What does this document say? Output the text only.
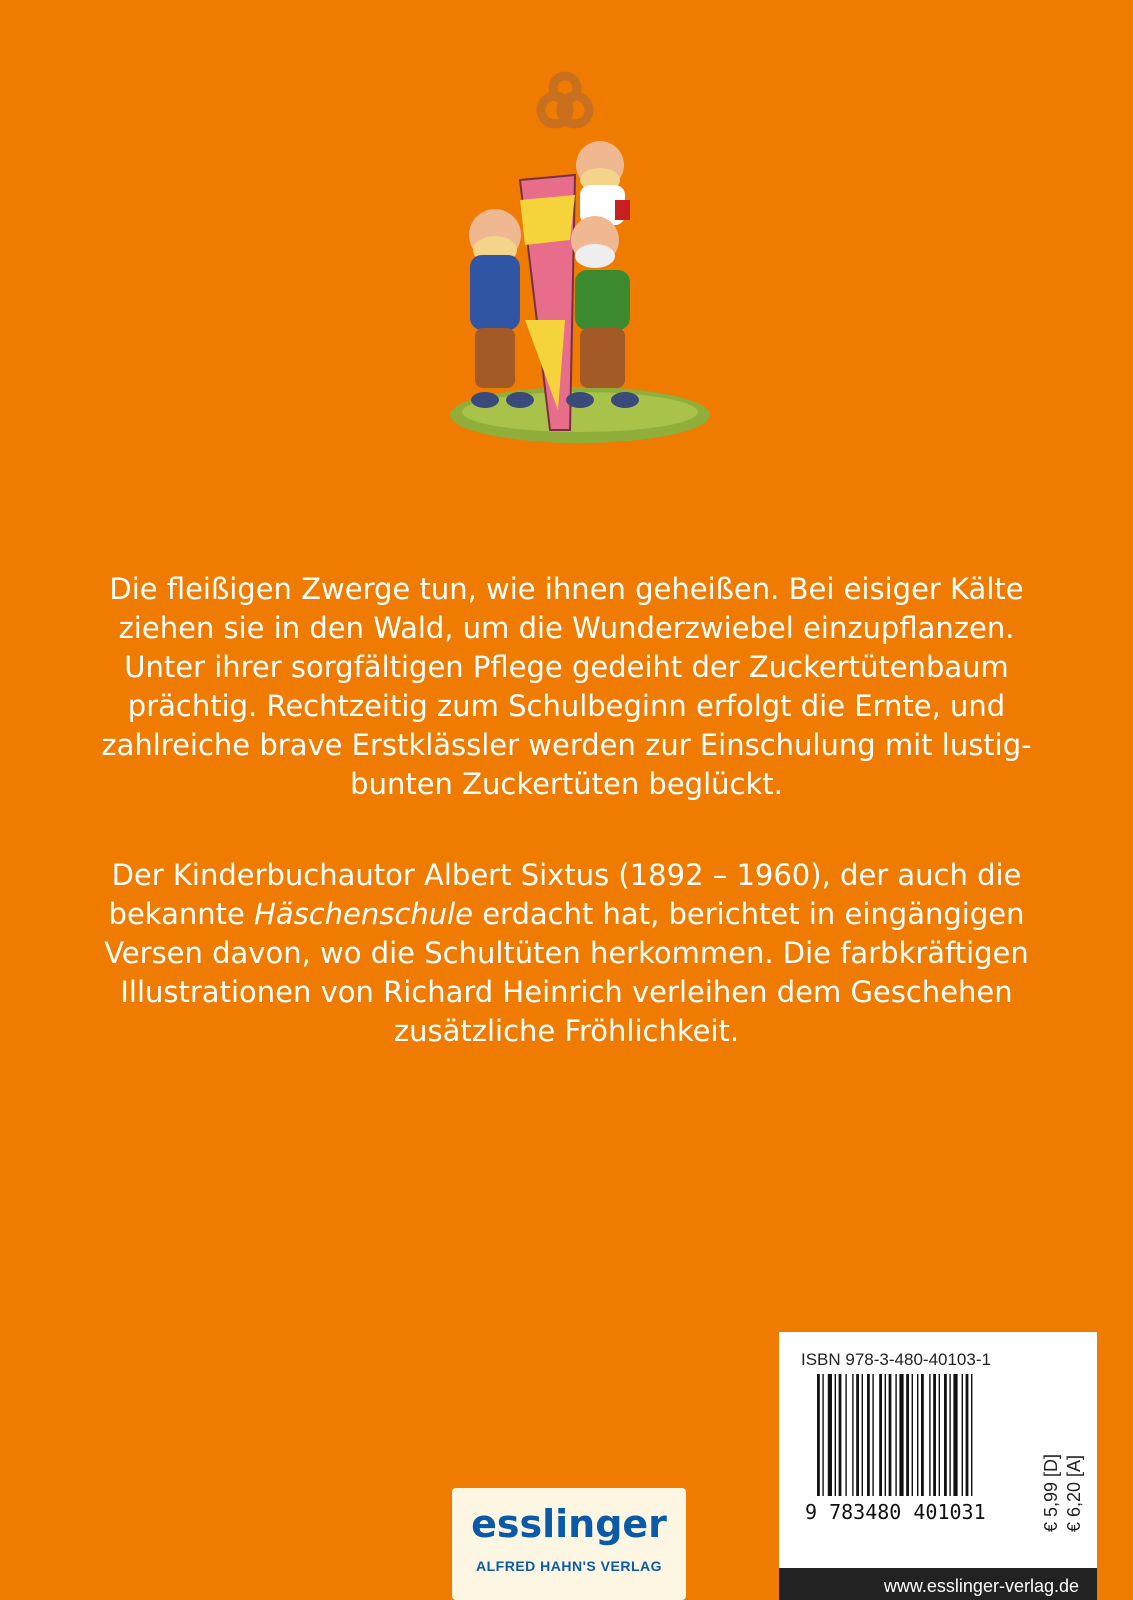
Die fleißigen Zwerge tun, wie ihnen geheißen. Bei eisiger Kälte ziehen sie in den Wald, um die Wunderzwiebel einzupflanzen. Unter ihrer sorgfältigen Pflege gedeiht der Zuckertütenbaum prächtig. Rechtzeitig zum Schulbeginn erfolgt die Ernte, und zahlreiche brave Erstklässler werden zur Einschulung mit lustig-bunten Zuckertüten beglückt.

Der Kinderbuchautor Albert Sixtus (1892 – 1960), der auch die bekannte Häschenschule erdacht hat, berichtet in eingängigen Versen davon, wo die Schultüten herkommen. Die farbkräftigen Illustrationen von Richard Heinrich verleihen dem Geschehen zusätzliche Fröhlichkeit.

ISBN 978-3-480-40103-1
9 783480 401031	€ 5,99 [D] € 6,20 [A]
www.esslinger-verlag.de
esslinger
ALFRED HAHN'S VERLAG
